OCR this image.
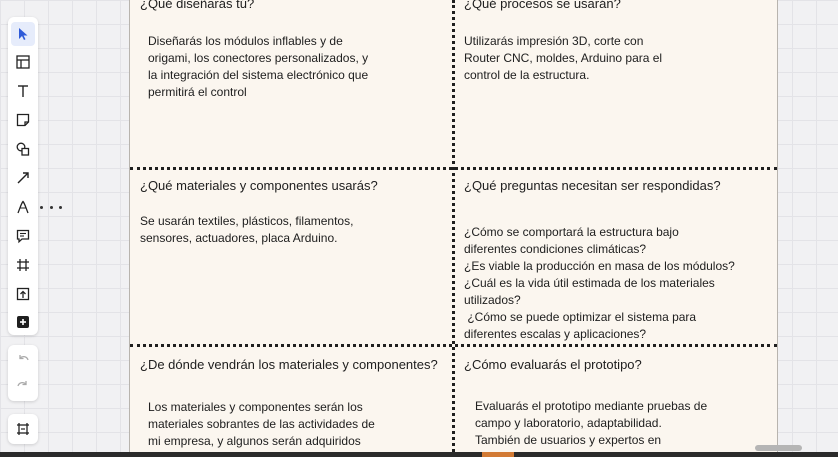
¿Qué diseñarás tú?
Diseñarás los módulos inflables y de
origami, los conectores personalizados, y
la integración del sistema electrónico que
permitirá el control
¿Qué procesos se usarán?
Utilizarás impresión 3D, corte con
Router CNC, moldes, Arduino para el
control de la estructura.
¿Qué materiales y componentes usarás?
Se usarán textiles, plásticos, filamentos,
sensores, actuadores, placa Arduino.
¿Qué preguntas necesitan ser respondidas?
¿Cómo se comportará la estructura bajo
diferentes condiciones climáticas?
¿Es viable la producción en masa de los módulos?
¿Cuál es la vida útil estimada de los materiales
utilizados?
¿Cómo se puede optimizar el sistema para
diferentes escalas y aplicaciones?
¿De dónde vendrán los materiales y componentes?
Los materiales y componentes serán los
materiales sobrantes de las actividades de
mi empresa, y algunos serán adquiridos
¿Cómo evaluarás el prototipo?
Evaluarás el prototipo mediante pruebas de
campo y laboratorio, adaptabilidad.
También de usuarios y expertos en
